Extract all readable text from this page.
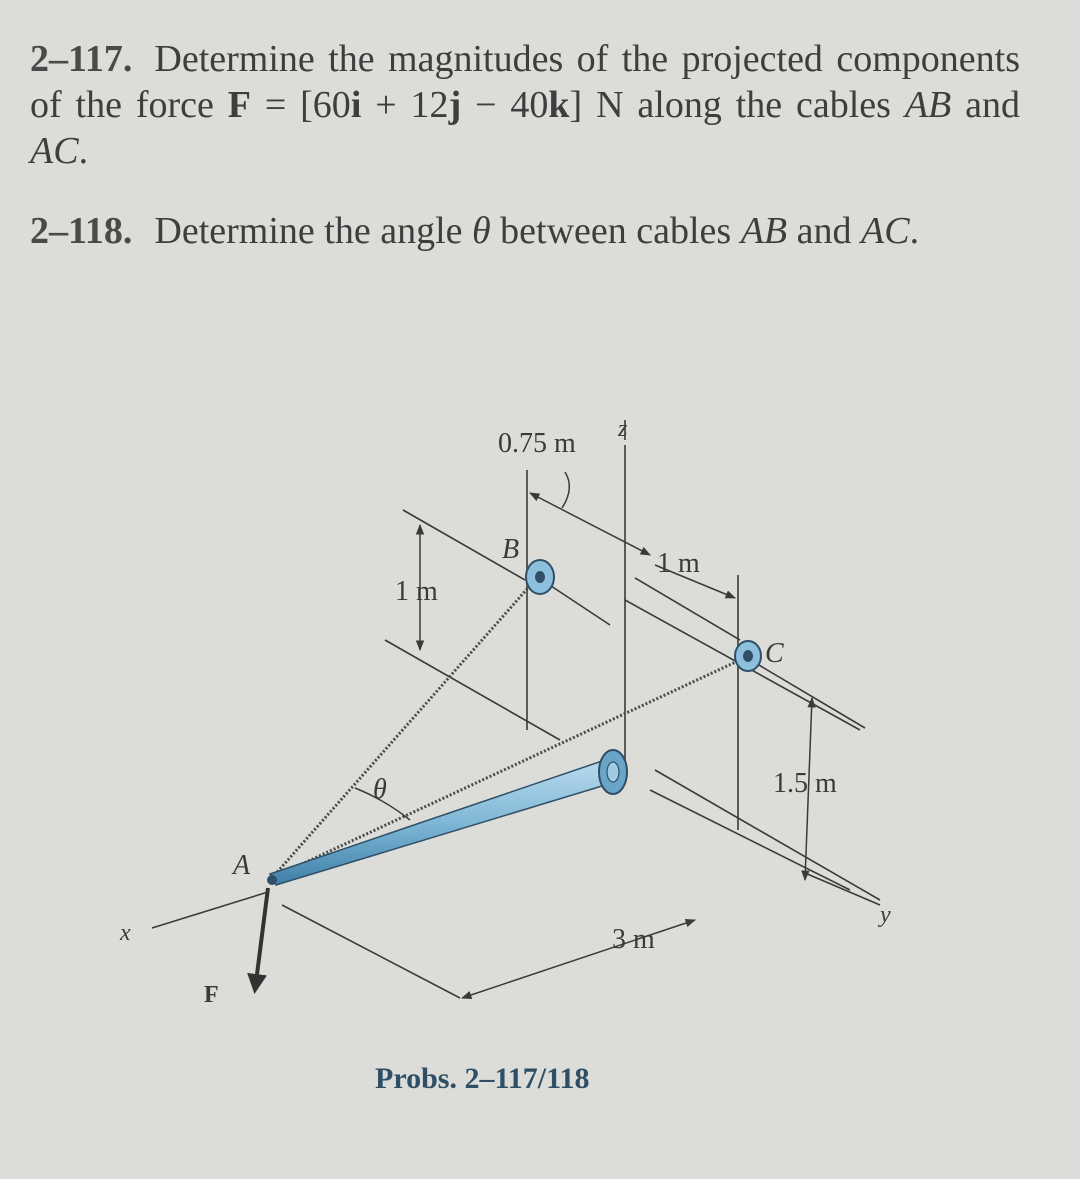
2–117. Determine the magnitudes of the projected components of the force F = [60i + 12j − 40k] N along the cables AB and AC.
2–118. Determine the angle θ between cables AB and AC.
0.75 m
1 m
1 m
1.5 m
3 m
A
B
C
x
y
z
θ
F
Probs. 2–117/118
